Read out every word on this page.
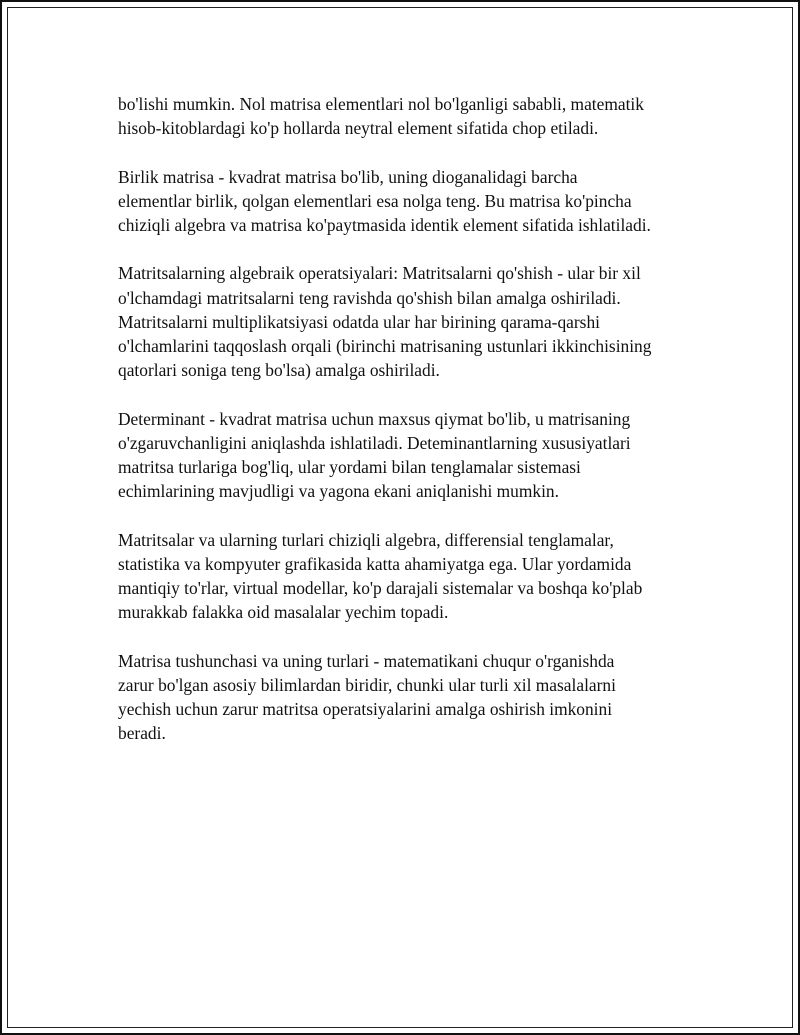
bo'lishi mumkin. Nol matrisa elementlari nol bo'lganligi sababli, matematik
hisob-kitoblardagi ko'p hollarda neytral element sifatida chop etiladi.

Birlik matrisa - kvadrat matrisa bo'lib, uning dioganalidagi barcha
elementlar birlik, qolgan elementlari esa nolga teng. Bu matrisa ko'pincha
chiziqli algebra va matrisa ko'paytmasida identik element sifatida ishlatiladi.

Matritsalarning algebraik operatsiyalari: Matritsalarni qo'shish - ular bir xil
o'lchamdagi matritsalarni teng ravishda qo'shish bilan amalga oshiriladi.
Matritsalarni multiplikatsiyasi odatda ular har birining qarama-qarshi
o'lchamlarini taqqoslash orqali (birinchi matrisaning ustunlari ikkinchisining
qatorlari soniga teng bo'lsa) amalga oshiriladi.

Determinant - kvadrat matrisa uchun maxsus qiymat bo'lib, u matrisaning
o'zgaruvchanligini aniqlashda ishlatiladi. Deteminantlarning xususiyatlari
matritsa turlariga bog'liq, ular yordami bilan tenglamalar sistemasi
echimlarining mavjudligi va yagona ekani aniqlanishi mumkin.

Matritsalar va ularning turlari chiziqli algebra, differensial tenglamalar,
statistika va kompyuter grafikasida katta ahamiyatga ega. Ular yordamida
mantiqiy to'rlar, virtual modellar, ko'p darajali sistemalar va boshqa ko'plab
murakkab falakka oid masalalar yechim topadi.

Matrisa tushunchasi va uning turlari - matematikani chuqur o'rganishda
zarur bo'lgan asosiy bilimlardan biridir, chunki ular turli xil masalalarni
yechish uchun zarur matritsa operatsiyalarini amalga oshirish imkonini
beradi.
